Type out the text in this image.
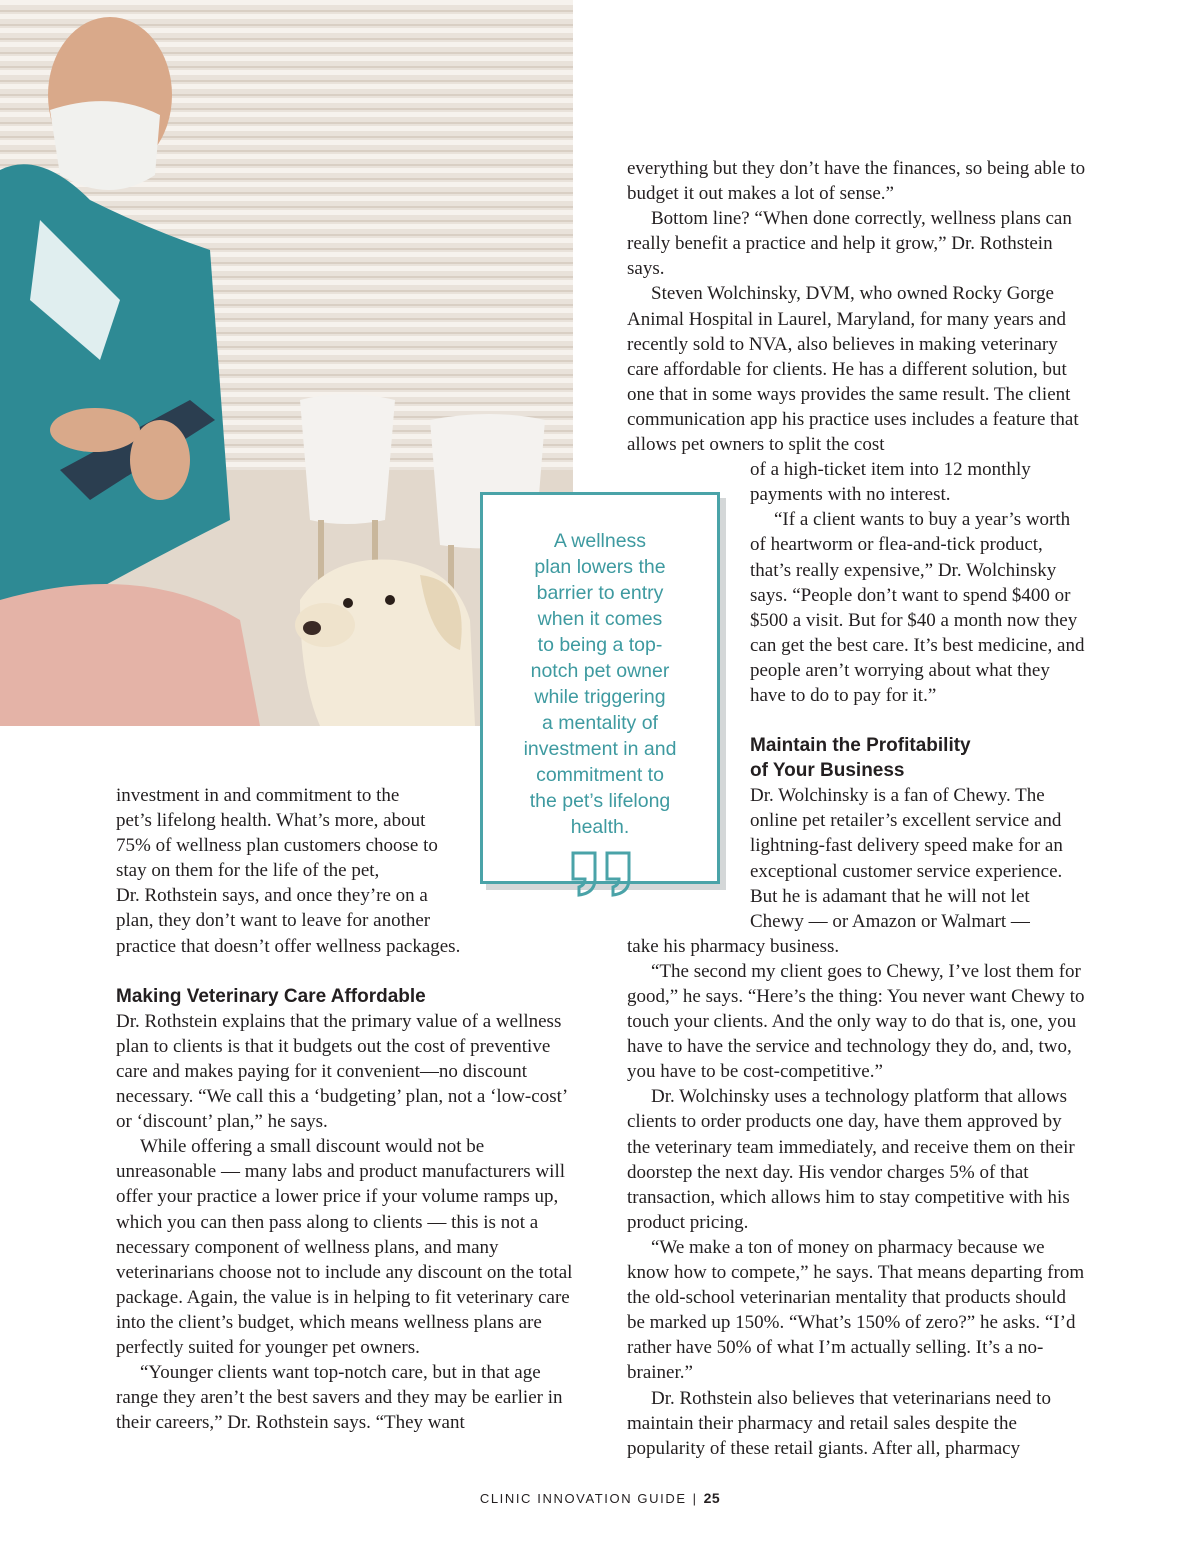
A wellness
plan lowers the
barrier to entry
when it comes
to being a top-
notch pet owner
while triggering
a mentality of
investment in and
commitment to
the pet’s lifelong
health.

investment in and commitment to the
pet’s lifelong health. What’s more, about
75% of wellness plan customers choose to
stay on them for the life of the pet,
Dr. Rothstein says, and once they’re on a
plan, they don’t want to leave for another
practice that doesn’t offer wellness packages.

Making Veterinary Care Affordable

Dr. Rothstein explains that the primary value of a wellness plan to clients is that it budgets out the cost of preventive care and makes paying for it convenient—no discount necessary. “We call this a ‘budgeting’ plan, not a ‘low-cost’ or ‘discount’ plan,” he says.

While offering a small discount would not be unreasonable — many labs and product manufacturers will offer your practice a lower price if your volume ramps up, which you can then pass along to clients — this is not a necessary component of wellness plans, and many veterinarians choose not to include any discount on the total package. Again, the value is in helping to fit veterinary care into the client’s budget, which means wellness plans are perfectly suited for younger pet owners.

“Younger clients want top-notch care, but in that age range they aren’t the best savers and they may be earlier in their careers,” Dr. Rothstein says. “They want

everything but they don’t have the finances, so being able to budget it out makes a lot of sense.”

Bottom line? “When done correctly, wellness plans can really benefit a practice and help it grow,” Dr. Rothstein says.

Steven Wolchinsky, DVM, who owned Rocky Gorge Animal Hospital in Laurel, Maryland, for many years and recently sold to NVA, also believes in making veterinary care affordable for clients. He has a different solution, but one that in some ways provides the same result. The client communication app his practice uses includes a feature that allows pet owners to split the cost

of a high-ticket item into 12 monthly payments with no interest.

“If a client wants to buy a year’s worth of heartworm or flea-and-tick product, that’s really expensive,” Dr. Wolchinsky says. “People don’t want to spend $400 or $500 a visit. But for $40 a month now they can get the best care. It’s best medicine, and people aren’t worrying about what they have to do to pay for it.”

Maintain the Profitability
of Your Business

Dr. Wolchinsky is a fan of Chewy. The online pet retailer’s excellent service and lightning-fast delivery speed make for an exceptional customer service experience. But he is adamant that he will not let Chewy — or Amazon or Walmart —

take his pharmacy business.

“The second my client goes to Chewy, I’ve lost them for good,” he says. “Here’s the thing: You never want Chewy to touch your clients. And the only way to do that is, one, you have to have the service and technology they do, and, two, you have to be cost-competitive.”

Dr. Wolchinsky uses a technology platform that allows clients to order products one day, have them approved by the veterinary team immediately, and receive them on their doorstep the next day. His vendor charges 5% of that transaction, which allows him to stay competitive with his product pricing.

“We make a ton of money on pharmacy because we know how to compete,” he says. That means departing from the old-school veterinarian mentality that products should be marked up 150%. “What’s 150% of zero?” he asks. “I’d rather have 50% of what I’m actually selling. It’s a no-brainer.”

Dr. Rothstein also believes that veterinarians need to maintain their pharmacy and retail sales despite the popularity of these retail giants. After all, pharmacy

CLINIC INNOVATION GUIDE | 25
